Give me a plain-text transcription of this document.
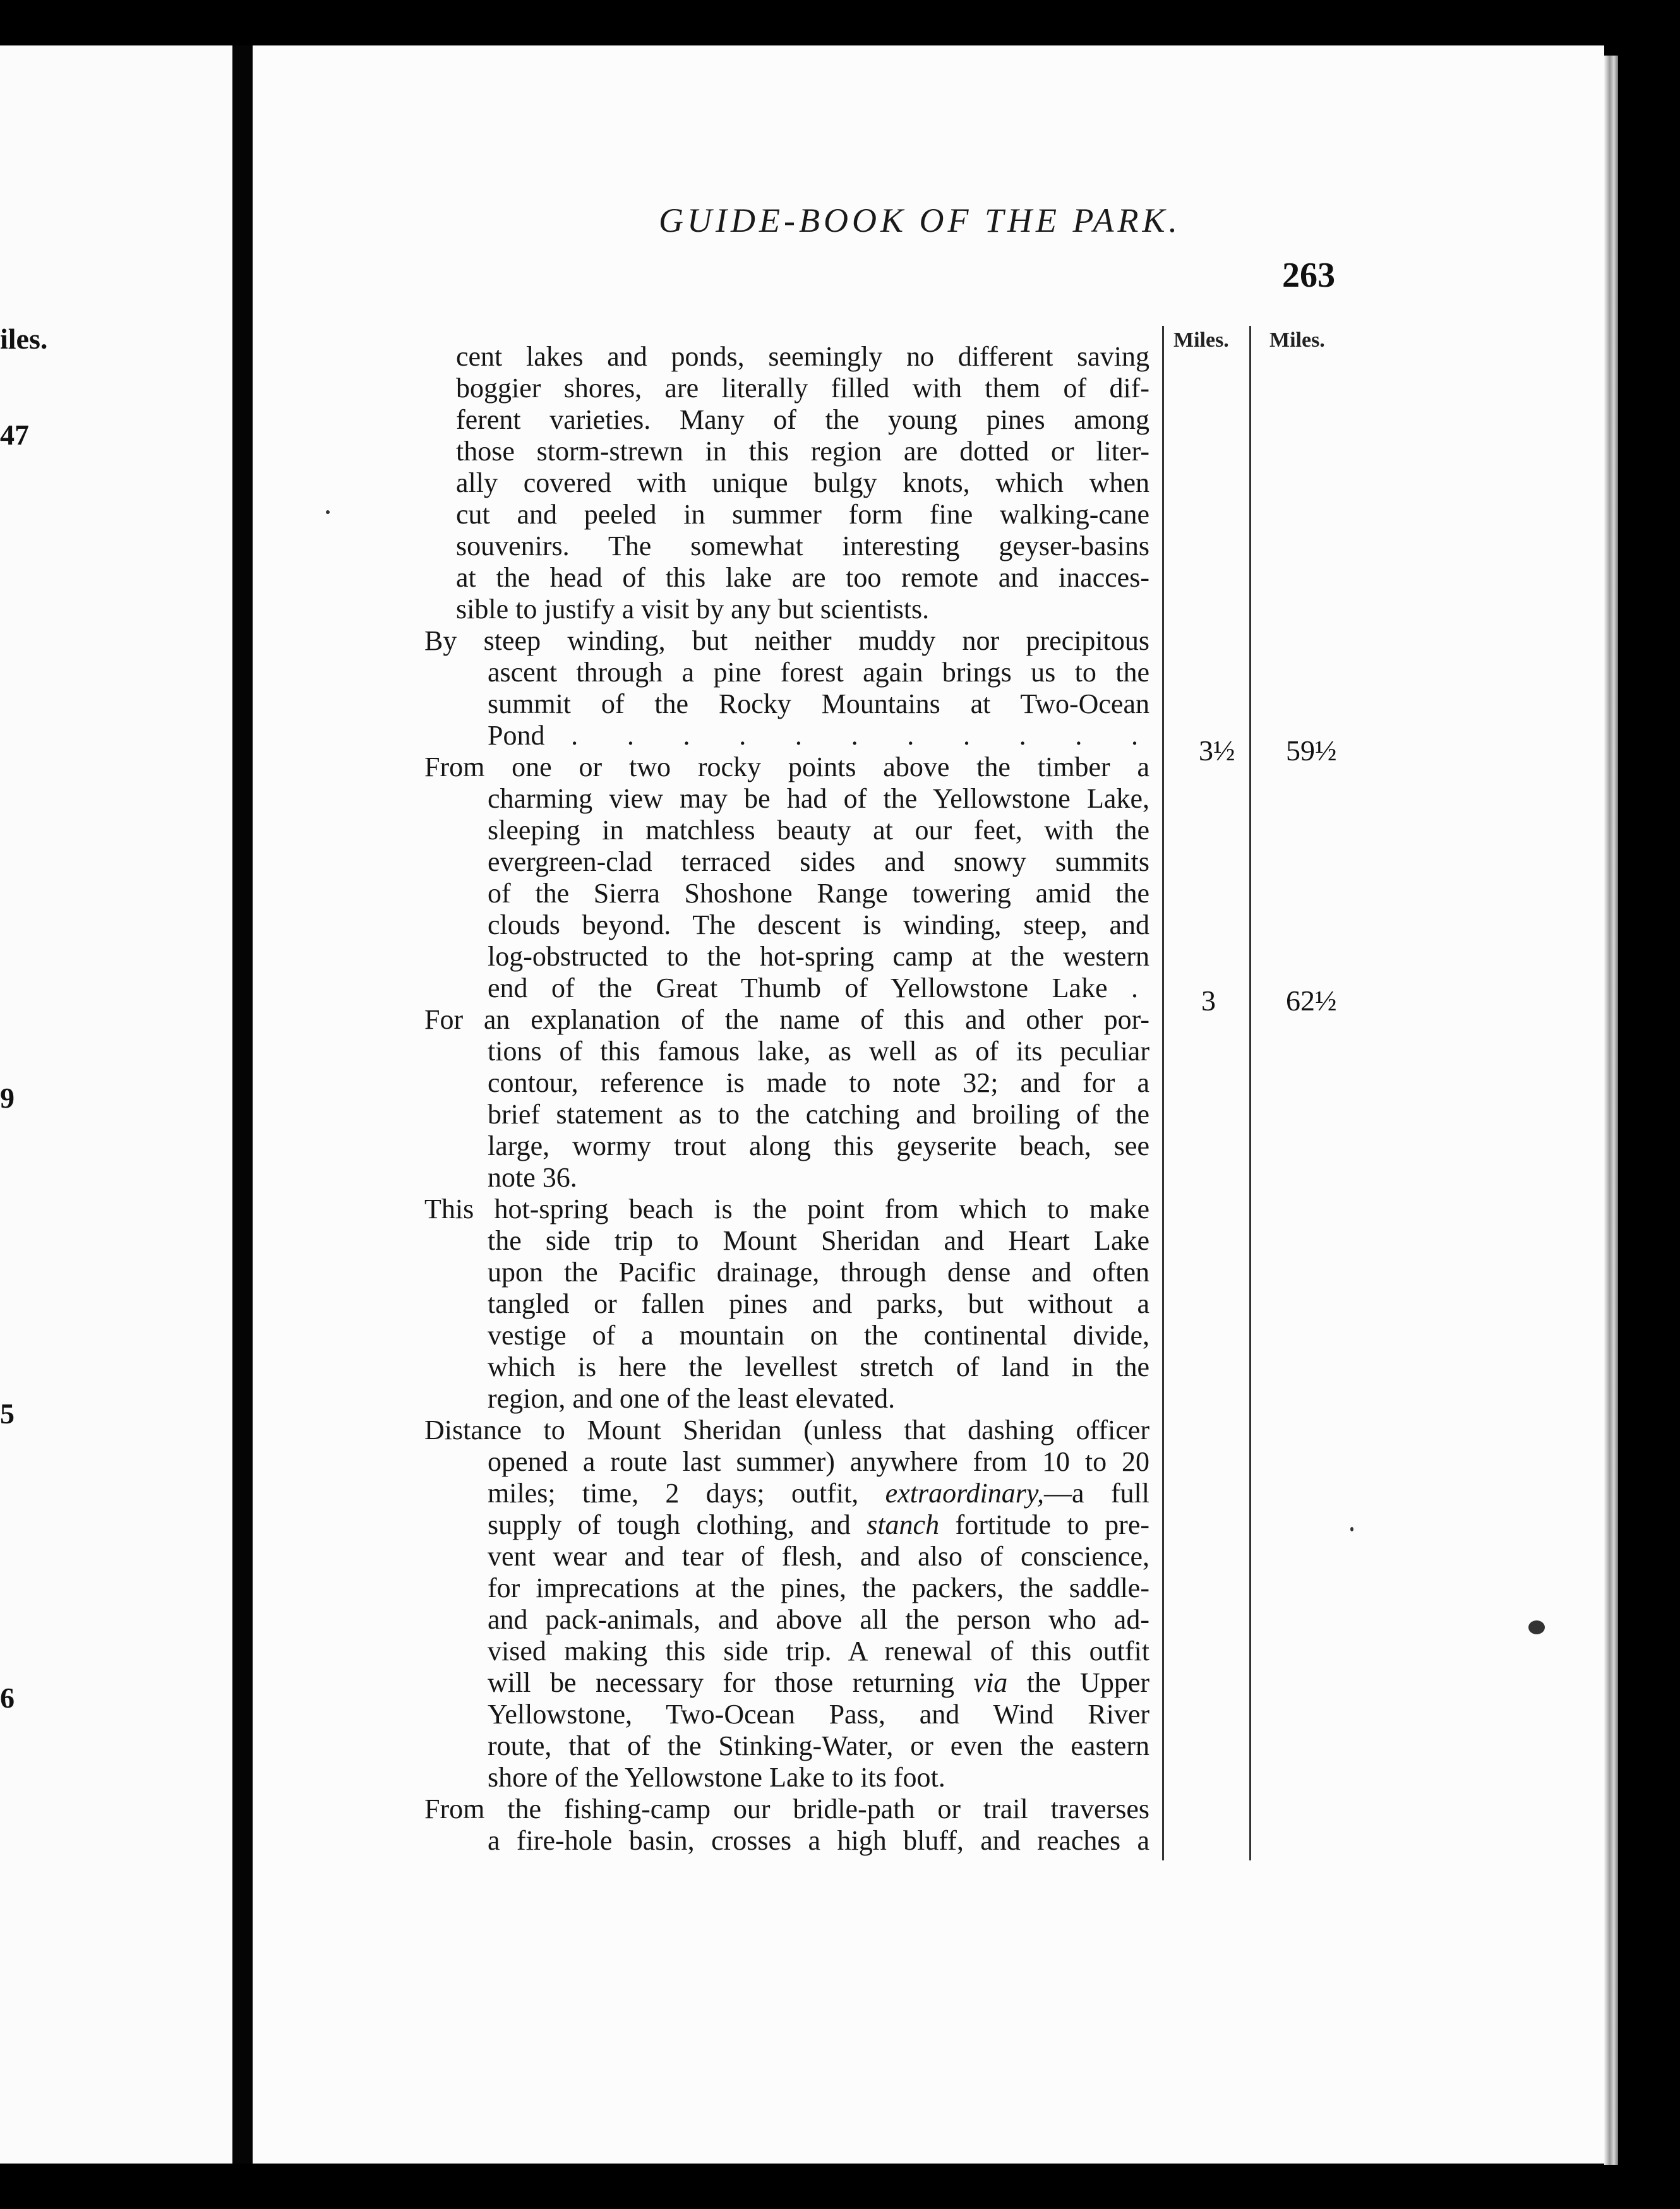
iles.
47
9
5
6
GUIDE-BOOK OF THE PARK.
263
Miles. Miles.
cent lakes and ponds, seemingly no different saving
boggier shores, are literally filled with them of dif-
ferent varieties. Many of the young pines among
those storm-strewn in this region are dotted or liter-
ally covered with unique bulgy knots, which when
cut and peeled in summer form fine walking-cane
souvenirs. The somewhat interesting geyser-basins
at the head of this lake are too remote and inacces-
sible to justify a visit by any but scientists.
By steep winding, but neither muddy nor precipitous
ascent through a pine forest again brings us to the
summit of the Rocky Mountains at Two-Ocean
Pond . . . . . . . . . . .
From one or two rocky points above the timber a
charming view may be had of the Yellowstone Lake,
sleeping in matchless beauty at our feet, with the
evergreen-clad terraced sides and snowy summits
of the Sierra Shoshone Range towering amid the
clouds beyond. The descent is winding, steep, and
log-obstructed to the hot-spring camp at the western
end of the Great Thumb of Yellowstone Lake .
For an explanation of the name of this and other por-
tions of this famous lake, as well as of its peculiar
contour, reference is made to note 32; and for a
brief statement as to the catching and broiling of the
large, wormy trout along this geyserite beach, see
note 36.
This hot-spring beach is the point from which to make
the side trip to Mount Sheridan and Heart Lake
upon the Pacific drainage, through dense and often
tangled or fallen pines and parks, but without a
vestige of a mountain on the continental divide,
which is here the levellest stretch of land in the
region, and one of the least elevated.
Distance to Mount Sheridan (unless that dashing officer
opened a route last summer) anywhere from 10 to 20
miles; time, 2 days; outfit, extraordinary,—a full
supply of tough clothing, and stanch fortitude to pre-
vent wear and tear of flesh, and also of conscience,
for imprecations at the pines, the packers, the saddle-
and pack-animals, and above all the person who ad-
vised making this side trip. A renewal of this outfit
will be necessary for those returning via the Upper
Yellowstone, Two-Ocean Pass, and Wind River
route, that of the Stinking-Water, or even the eastern
shore of the Yellowstone Lake to its foot.
From the fishing-camp our bridle-path or trail traverses
a fire-hole basin, crosses a high bluff, and reaches a
3½ 59½
3 62½
